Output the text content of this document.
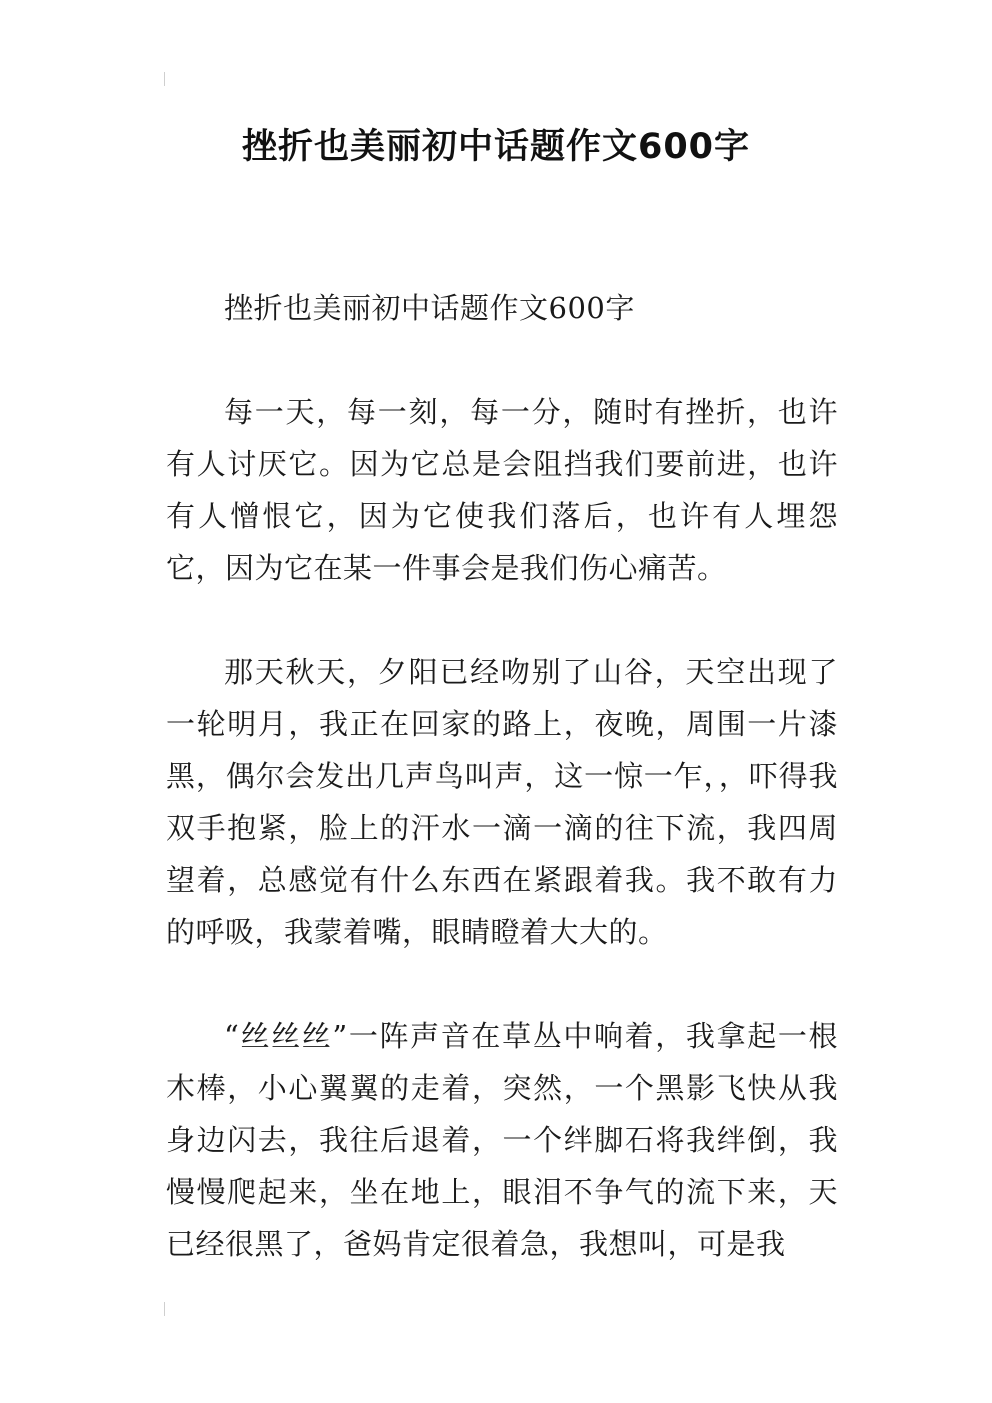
挫折也美丽初中话题作文600字

挫折也美丽初中话题作文600字

每一天，每一刻，每一分，随时有挫折，也许有人讨厌它。因为它总是会阻挡我们要前进，也许有人憎恨它，因为它使我们落后，也许有人埋怨它，因为它在某一件事会是我们伤心痛苦。

那天秋天，夕阳已经吻别了山谷，天空出现了一轮明月，我正在回家的路上，夜晚，周围一片漆黑，偶尔会发出几声鸟叫声，这一惊一乍，，吓得我双手抱紧，脸上的汗水一滴一滴的往下流，我四周望着，总感觉有什么东西在紧跟着我。我不敢有力的呼吸，我蒙着嘴，眼睛瞪着大大的。

“丝丝丝”一阵声音在草丛中响着，我拿起一根木棒，小心翼翼的走着，突然，一个黑影飞快从我身边闪去，我往后退着，一个绊脚石将我绊倒，我慢慢爬起来，坐在地上，眼泪不争气的流下来，天已经很黑了，爸妈肯定很着急，我想叫，可是我
